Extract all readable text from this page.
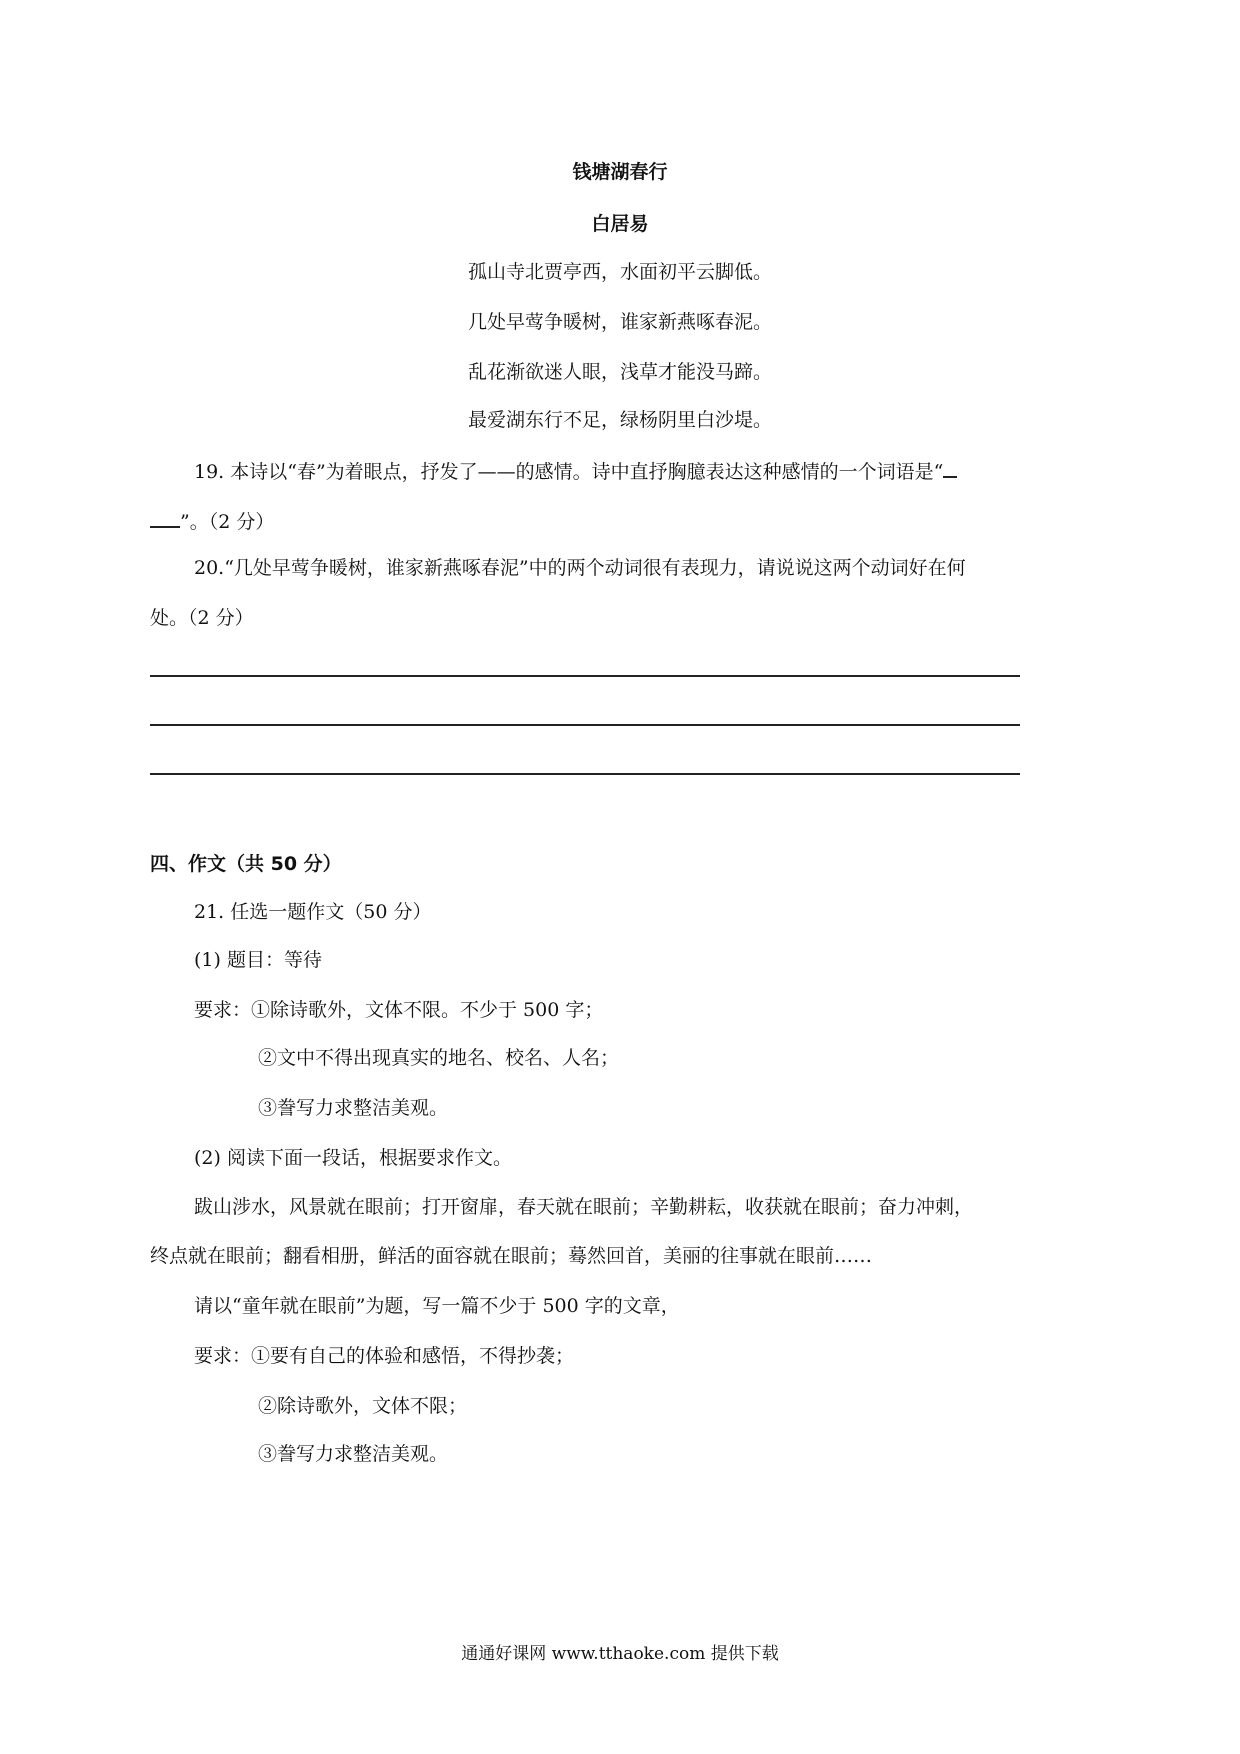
钱塘湖春行
白居易
孤山寺北贾亭西，水面初平云脚低。
几处早莺争暖树，谁家新燕啄春泥。
乱花渐欲迷人眼，浅草才能没马蹄。
最爱湖东行不足，绿杨阴里白沙堤。
19. 本诗以“春”为着眼点，抒发了——的感情。诗中直抒胸臆表达这种感情的一个词语是“
”。（2 分）
20.“几处早莺争暖树，谁家新燕啄春泥”中的两个动词很有表现力，请说说这两个动词好在何
处。（2 分）
四、作文（共 50 分）
21. 任选一题作文（50 分）
(1) 题目：等待
要求：①除诗歌外，文体不限。不少于 500 字；
②文中不得出现真实的地名、校名、人名；
③誊写力求整洁美观。
(2) 阅读下面一段话，根据要求作文。
跋山涉水，风景就在眼前；打开窗扉，春天就在眼前；辛勤耕耘，收获就在眼前；奋力冲刺，
终点就在眼前；翻看相册，鲜活的面容就在眼前；蓦然回首，美丽的往事就在眼前……
请以“童年就在眼前”为题，写一篇不少于 500 字的文章，
要求：①要有自己的体验和感悟，不得抄袭；
②除诗歌外，文体不限；
③誊写力求整洁美观。
通通好课网 www.tthaoke.com 提供下载
